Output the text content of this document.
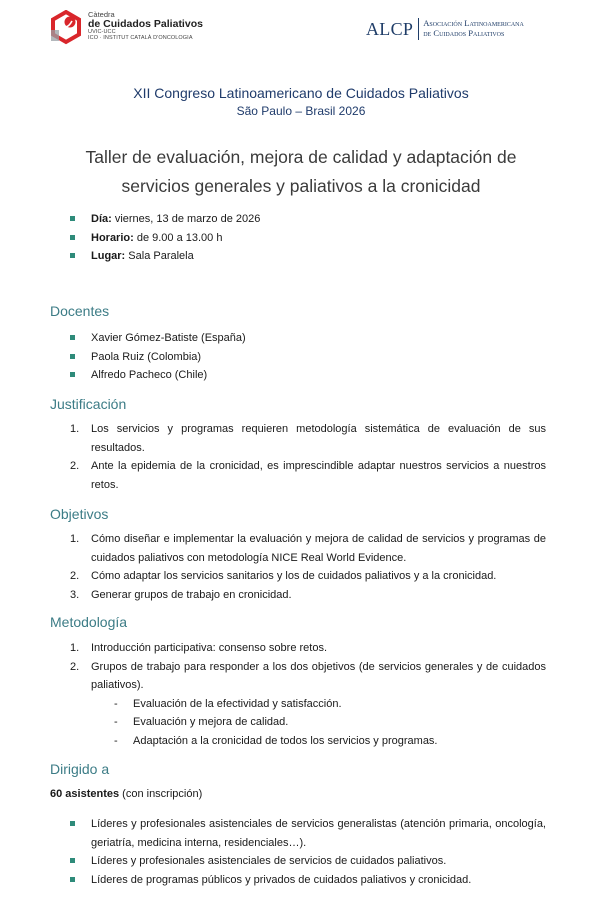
Càtedra
de Cuidados Paliativos
UVIC-UCC
ICO · INSTITUT CATALÀ D'ONCOLOGIA	ALCP Asociación Latinoamericana
de Cuidados Paliativos
XII Congreso Latinoamericano de Cuidados Paliativos
São Paulo – Brasil 2026
Taller de evaluación, mejora de calidad y adaptación de
servicios generales y paliativos a la cronicidad
Día: viernes, 13 de marzo de 2026
Horario: de 9.00 a 13.00 h
Lugar: Sala Paralela
Docentes
Xavier Gómez-Batiste (España)
Paola Ruiz (Colombia)
Alfredo Pacheco (Chile)
Justificación
1. Los servicios y programas requieren metodología sistemática de evaluación de sus resultados.
2. Ante la epidemia de la cronicidad, es imprescindible adaptar nuestros servicios a nuestros retos.
Objetivos
1. Cómo diseñar e implementar la evaluación y mejora de calidad de servicios y programas de cuidados paliativos con metodología NICE Real World Evidence.
2. Cómo adaptar los servicios sanitarios y los de cuidados paliativos y a la cronicidad.
3. Generar grupos de trabajo en cronicidad.
Metodología
1. Introducción participativa: consenso sobre retos.
2. Grupos de trabajo para responder a los dos objetivos (de servicios generales y de cuidados paliativos).
- Evaluación de la efectividad y satisfacción.
- Evaluación y mejora de calidad.
- Adaptación a la cronicidad de todos los servicios y programas.
Dirigido a
60 asistentes (con inscripción)
Líderes y profesionales asistenciales de servicios generalistas (atención primaria, oncología, geriatría, medicina interna, residenciales…).
Líderes y profesionales asistenciales de servicios de cuidados paliativos.
Líderes de programas públicos y privados de cuidados paliativos y cronicidad.
